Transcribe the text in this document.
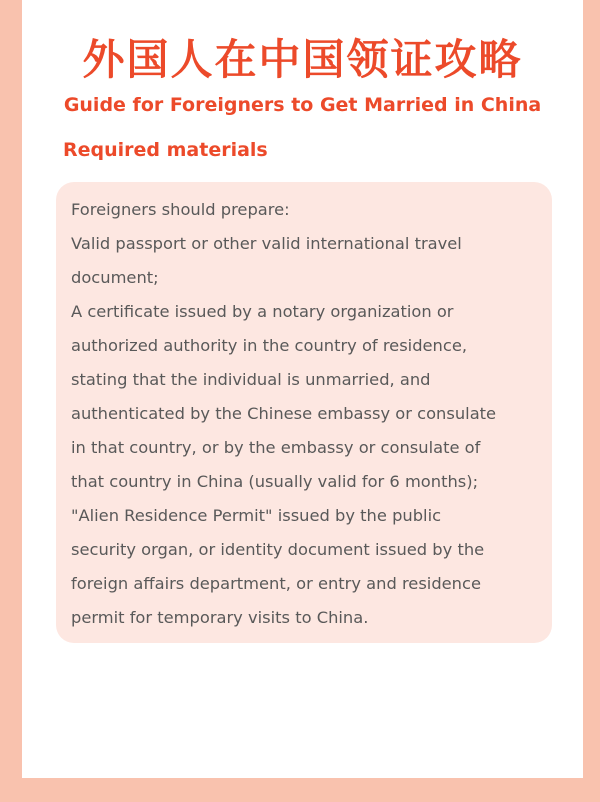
外国人在中国领证攻略
Guide for Foreigners to Get Married in China
Required materials
Foreigners should prepare:
Valid passport or other valid international travel
document;
A certificate issued by a notary organization or
authorized authority in the country of residence,
stating that the individual is unmarried, and
authenticated by the Chinese embassy or consulate
in that country, or by the embassy or consulate of
that country in China (usually valid for 6 months);
"Alien Residence Permit" issued by the public
security organ, or identity document issued by the
foreign affairs department, or entry and residence
permit for temporary visits to China.
